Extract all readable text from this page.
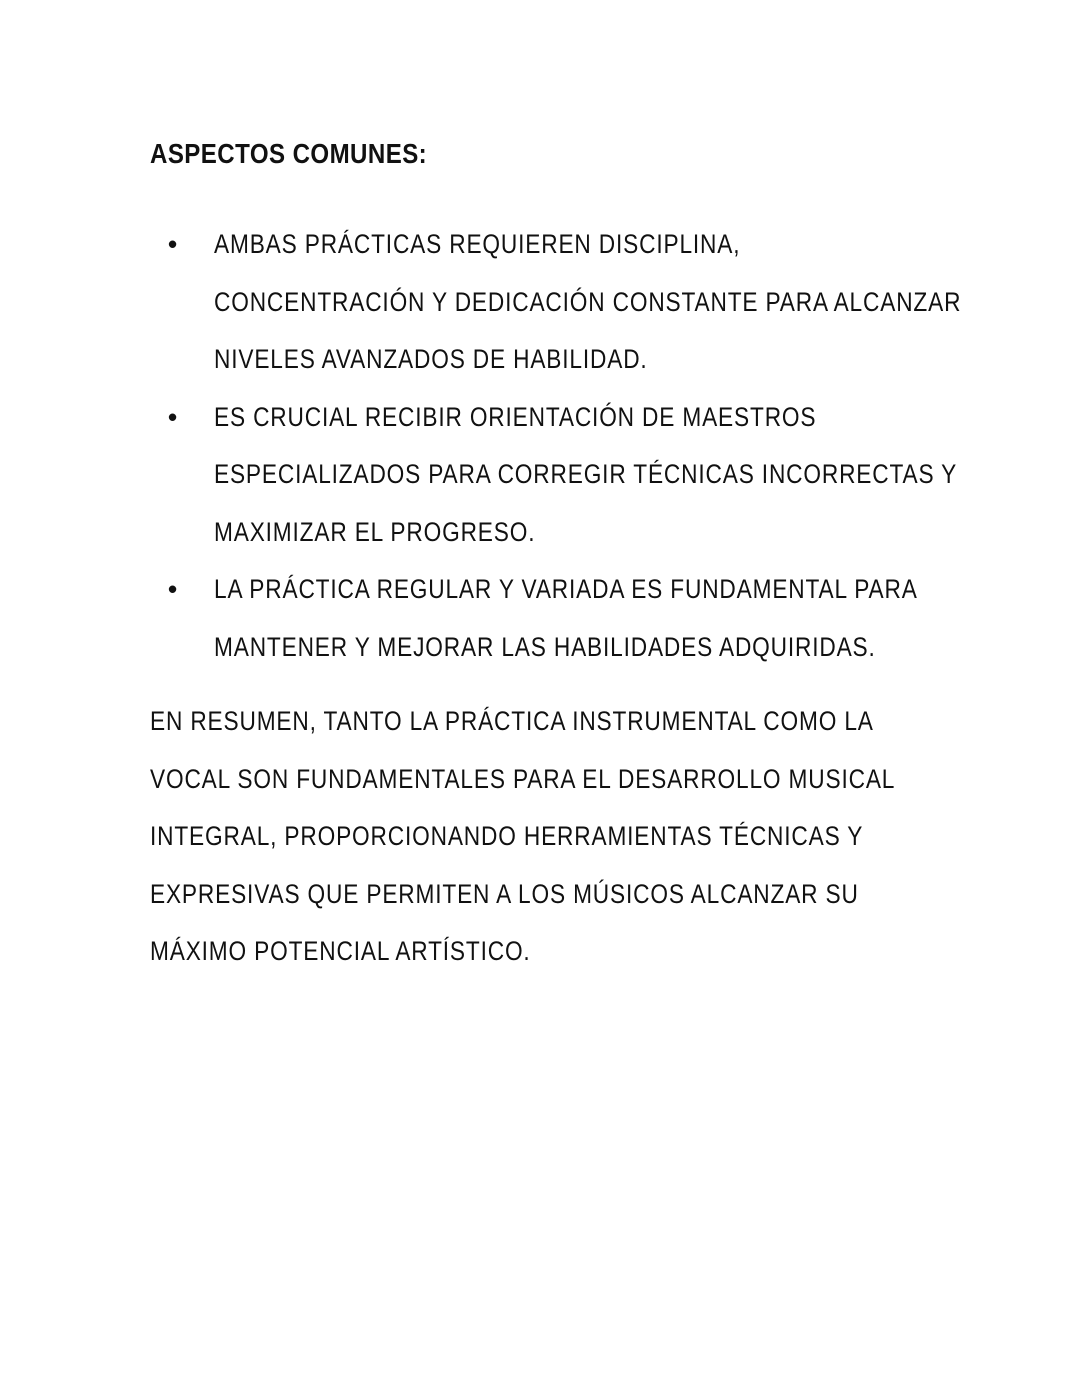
ASPECTOS COMUNES:
• AMBAS PRÁCTICAS REQUIEREN DISCIPLINA,
CONCENTRACIÓN Y DEDICACIÓN CONSTANTE PARA ALCANZAR
NIVELES AVANZADOS DE HABILIDAD.
• ES CRUCIAL RECIBIR ORIENTACIÓN DE MAESTROS
ESPECIALIZADOS PARA CORREGIR TÉCNICAS INCORRECTAS Y
MAXIMIZAR EL PROGRESO.
• LA PRÁCTICA REGULAR Y VARIADA ES FUNDAMENTAL PARA
MANTENER Y MEJORAR LAS HABILIDADES ADQUIRIDAS.
EN RESUMEN, TANTO LA PRÁCTICA INSTRUMENTAL COMO LA
VOCAL SON FUNDAMENTALES PARA EL DESARROLLO MUSICAL
INTEGRAL, PROPORCIONANDO HERRAMIENTAS TÉCNICAS Y
EXPRESIVAS QUE PERMITEN A LOS MÚSICOS ALCANZAR SU
MÁXIMO POTENCIAL ARTÍSTICO.
